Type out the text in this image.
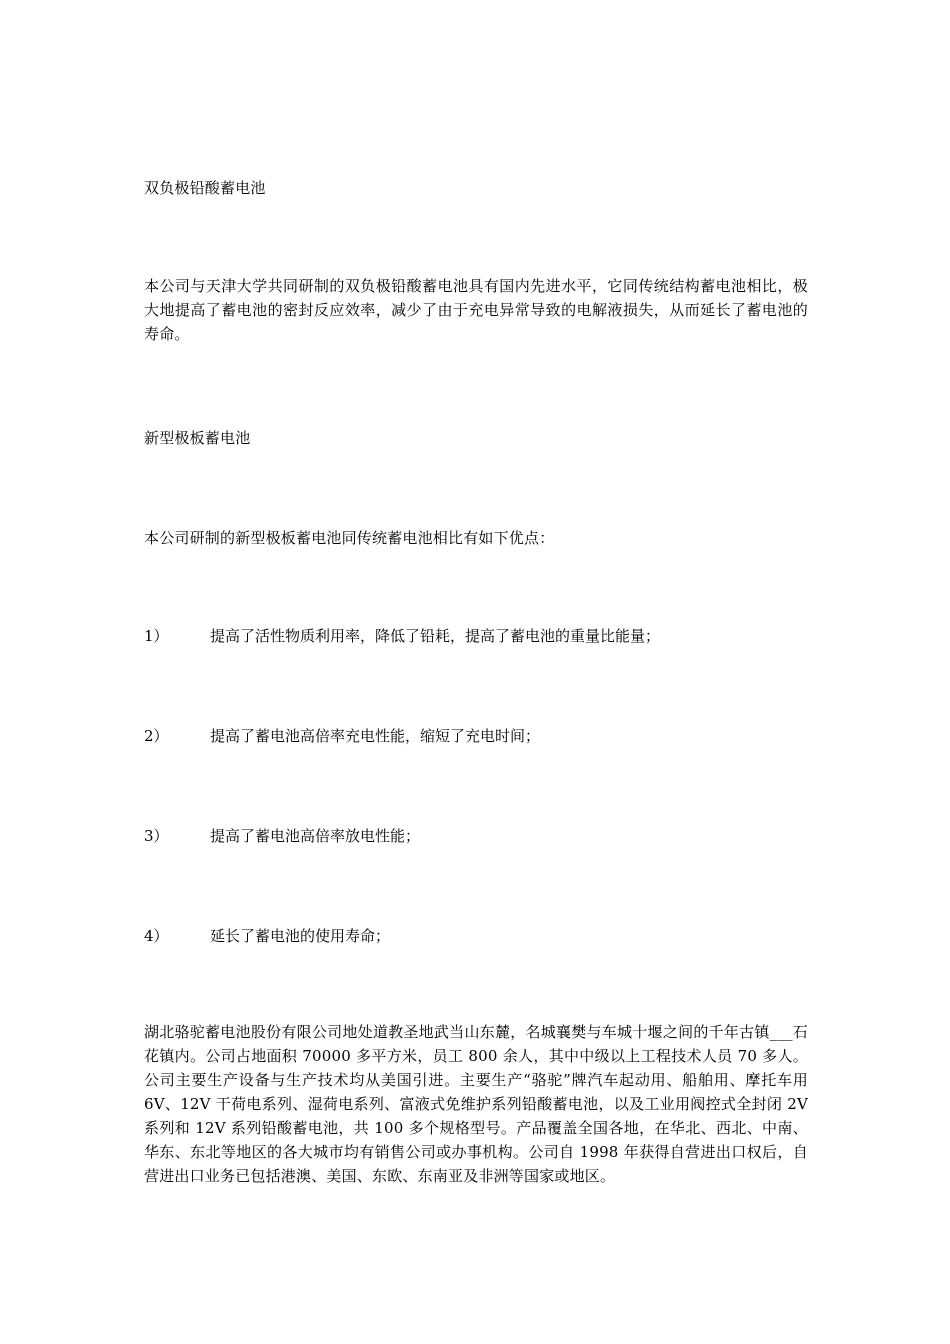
双负极铅酸蓄电池
本公司与天津大学共同研制的双负极铅酸蓄电池具有国内先进水平，它同传统结构蓄电池相比，极大地提高了蓄电池的密封反应效率，减少了由于充电异常导致的电解液损失，从而延长了蓄电池的寿命。
新型极板蓄电池
本公司研制的新型极板蓄电池同传统蓄电池相比有如下优点：
1）	提高了活性物质利用率，降低了铅耗，提高了蓄电池的重量比能量；
2）	提高了蓄电池高倍率充电性能，缩短了充电时间；
3）	提高了蓄电池高倍率放电性能；
4）	延长了蓄电池的使用寿命；
湖北骆驼蓄电池股份有限公司地处道教圣地武当山东麓，名城襄樊与车城十堰之间的千年古镇___石花镇内。公司占地面积 70000 多平方米，员工 800 余人，其中中级以上工程技术人员 70 多人。公司主要生产设备与生产技术均从美国引进。主要生产“骆驼”牌汽车起动用、船舶用、摩托车用 6V、12V 干荷电系列、湿荷电系列、富液式免维护系列铅酸蓄电池，以及工业用阀控式全封闭 2V 系列和 12V 系列铅酸蓄电池，共 100 多个规格型号。产品覆盖全国各地，在华北、西北、中南、华东、东北等地区的各大城市均有销售公司或办事机构。公司自 1998 年获得自营进出口权后，自营进出口业务已包括港澳、美国、东欧、东南亚及非洲等国家或地区。
